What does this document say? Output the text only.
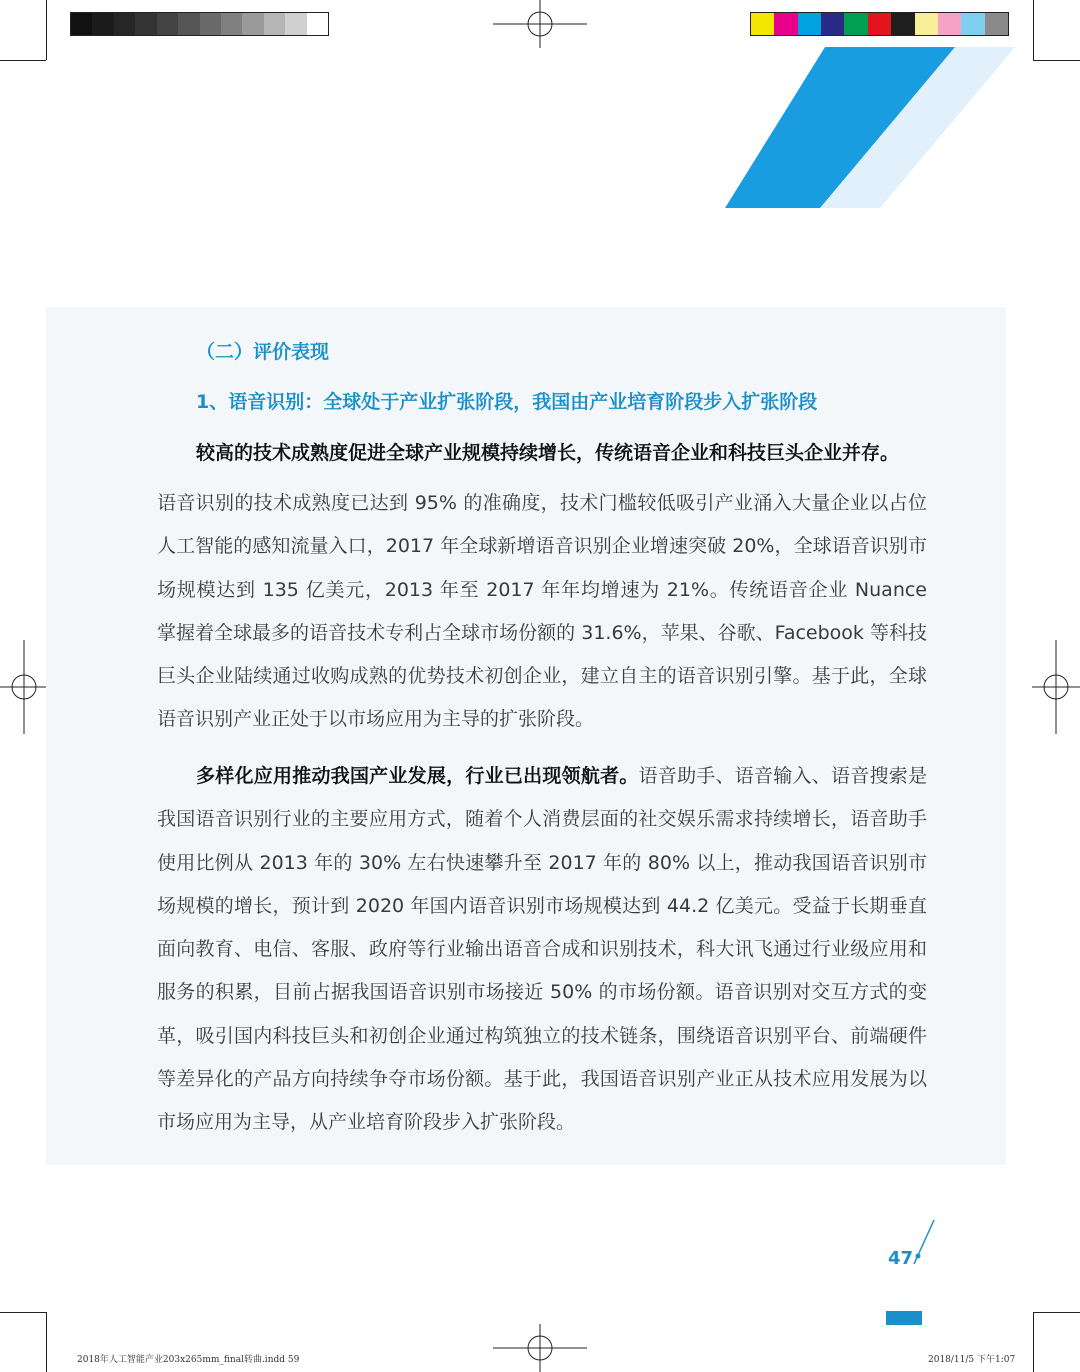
（二）评价表现
1、语音识别：全球处于产业扩张阶段，我国由产业培育阶段步入扩张阶段
较高的技术成熟度促进全球产业规模持续增长，传统语音企业和科技巨头企业并存。
语音识别的技术成熟度已达到 95% 的准确度，技术门槛较低吸引产业涌入大量企业以占位人工智能的感知流量入口，2017 年全球新增语音识别企业增速突破 20%，全球语音识别市场规模达到 135 亿美元，2013 年至 2017 年年均增速为 21%。传统语音企业 Nuance 掌握着全球最多的语音技术专利占全球市场份额的 31.6%，苹果、谷歌、Facebook 等科技巨头企业陆续通过收购成熟的优势技术初创企业，建立自主的语音识别引擎。基于此，全球语音识别产业正处于以市场应用为主导的扩张阶段。
多样化应用推动我国产业发展，行业已出现领航者。语音助手、语音输入、语音搜索是我国语音识别行业的主要应用方式，随着个人消费层面的社交娱乐需求持续增长，语音助手使用比例从 2013 年的 30% 左右快速攀升至 2017 年的 80% 以上，推动我国语音识别市场规模的增长，预计到 2020 年国内语音识别市场规模达到 44.2 亿美元。受益于长期垂直面向教育、电信、客服、政府等行业输出语音合成和识别技术，科大讯飞通过行业级应用和服务的积累，目前占据我国语音识别市场接近 50% 的市场份额。语音识别对交互方式的变革，吸引国内科技巨头和初创企业通过构筑独立的技术链条，围绕语音识别平台、前端硬件等差异化的产品方向持续争夺市场份额。基于此，我国语音识别产业正从技术应用发展为以市场应用为主导，从产业培育阶段步入扩张阶段。
47
2018年人工智能产业203x265mm_final转曲.indd 59	2018/11/5 下午1:07
